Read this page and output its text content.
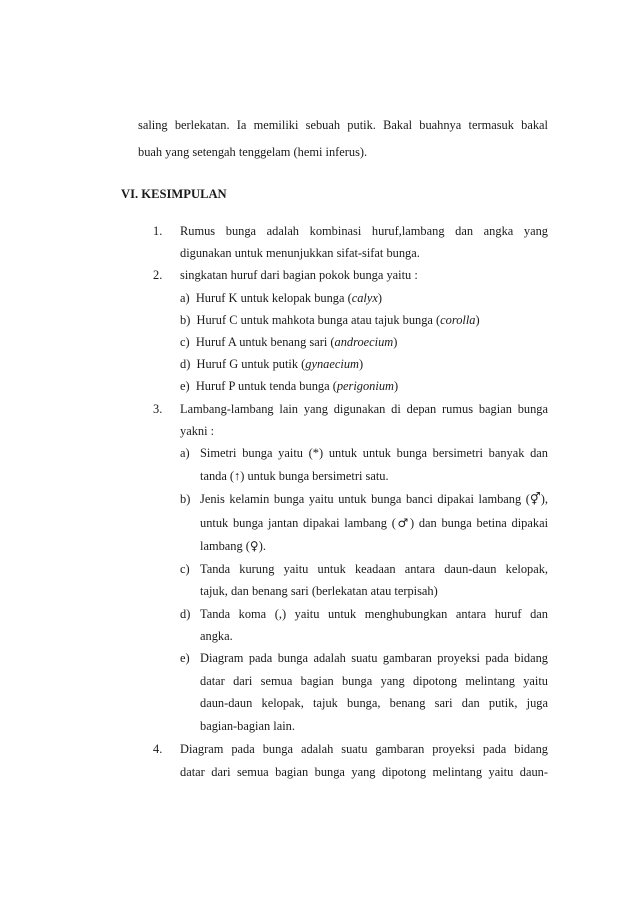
saling berlekatan. Ia memiliki sebuah putik. Bakal buahnya termasuk bakal
buah yang setengah tenggelam (hemi inferus).
VI. KESIMPULAN
1. Rumus bunga adalah kombinasi huruf,lambang dan angka yang
digunakan untuk menunjukkan sifat-sifat bunga.
2. singkatan huruf dari bagian pokok bunga yaitu :
a) Huruf K untuk kelopak bunga (calyx)
b) Huruf C untuk mahkota bunga atau tajuk bunga (corolla)
c) Huruf A untuk benang sari (androecium)
d) Huruf G untuk putik (gynaecium)
e) Huruf P untuk tenda bunga (perigonium)
3. Lambang-lambang lain yang digunakan di depan rumus bagian bunga
yakni :
a) Simetri bunga yaitu (*) untuk untuk bunga bersimetri banyak dan
tanda (↑) untuk bunga bersimetri satu.
b) Jenis kelamin bunga yaitu untuk bunga banci dipakai lambang (⚥),
untuk bunga jantan dipakai lambang (♂) dan bunga betina dipakai
lambang (♀).
c) Tanda kurung yaitu untuk keadaan antara daun-daun kelopak,
tajuk, dan benang sari (berlekatan atau terpisah)
d) Tanda koma (,) yaitu untuk menghubungkan antara huruf dan
angka.
e) Diagram pada bunga adalah suatu gambaran proyeksi pada bidang
datar dari semua bagian bunga yang dipotong melintang yaitu
daun-daun kelopak, tajuk bunga, benang sari dan putik, juga
bagian-bagian lain.
4. Diagram pada bunga adalah suatu gambaran proyeksi pada bidang
datar dari semua bagian bunga yang dipotong melintang yaitu daun-
